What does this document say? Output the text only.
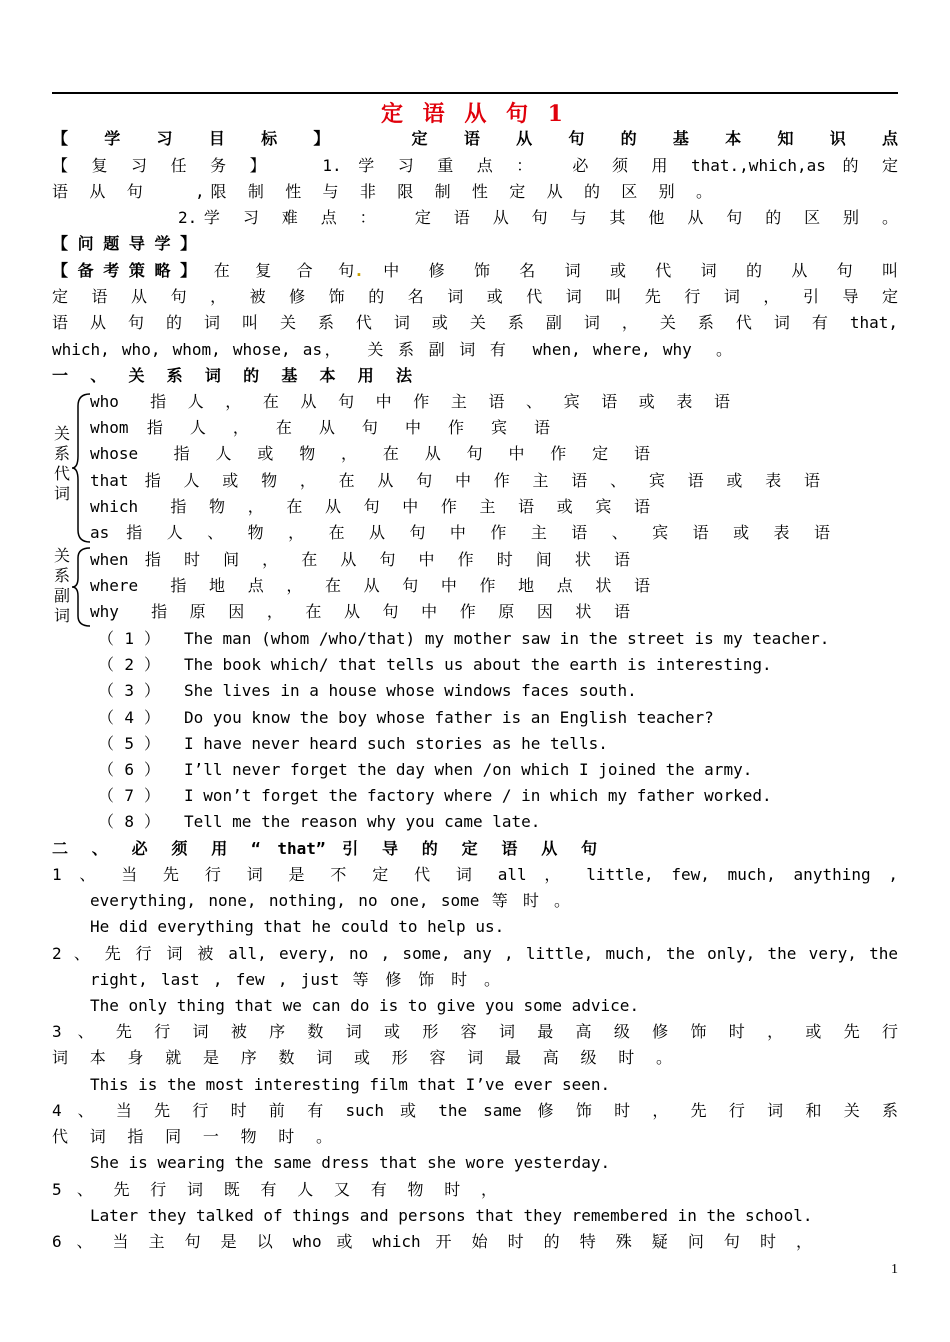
定 语 从 句 1
【 学 习 目 标 】   定 语 从 句 的 基 本 知 识 点
【 复 习 任 务 】   1. 学 习 重 点 ：  必 须 用 that.,which,as 的 定
语 从 句   ,限 制 性 与 非 限 制 性 定 从 的 区 别 。
2.学 习 难 点 ：  定 语 从 句 与 其 他 从 句 的 区 别 。
【 问 题 导 学 】
【 备 考 策 略 】 在 复 合 句 . 中 修 饰 名 词 或 代 词 的 从 句 叫
定 语 从 句 ， 被 修 饰 的 名 词 或 代 词 叫 先 行 词 ， 引 导 定
语 从 句 的 词 叫 关 系 代 词 或 关 系 副 词 ， 关 系 代 词 有 that,
which, who, whom, whose, as，  关 系 副 词 有  when, where, why  。
一 、 关 系 词 的 基 本 用 法
关
系
代
词
关
系
副
词
who  指 人 ， 在 从 句 中 作 主 语 、 宾 语 或 表 语
whom 指 人 ， 在 从 句 中 作 宾 语
whose  指 人 或 物 ， 在 从 句 中 作 定 语
that 指 人 或 物 ， 在 从 句 中 作 主 语 、 宾 语 或 表 语
which  指 物 ， 在 从 句 中 作 主 语 或 宾 语
as 指 人 、 物 ， 在 从 句 中 作 主 语 、 宾 语 或 表 语
when 指 时 间 ， 在 从 句 中 作 时 间 状 语
where  指 地 点 ， 在 从 句 中 作 地 点 状 语
why  指 原 因 ， 在 从 句 中 作 原 因 状 语
（ 1 ） The man (whom /who/that) my mother saw in the street is my teacher.
（ 2 ） The book which/ that tells us about the earth is interesting.
（ 3 ） She lives in a house whose windows faces south.
（ 4 ） Do you know the boy whose father is an English teacher?
（ 5 ） I have never heard such stories as he tells.
（ 6 ） I’ll never forget the day when /on which I joined the army.
（ 7 ） I won’t forget the factory where / in which my father worked.
（ 8 ） Tell me the reason why you came late.
二 、 必 须 用 “ that” 引 导 的 定 语 从 句
1 、 当 先 行 词 是 不 定 代 词 all ， little, few, much, anything ,
everything, none, nothing, no one, some 等 时 。
He did everything that he could to help us.
2 、 先 行 词 被 all, every, no , some, any , little, much, the only, the very, the
right, last , few , just 等 修 饰 时 。
The only thing that we can do is to give you some advice.
3 、 先 行 词 被 序 数 词 或 形 容 词 最 高 级 修 饰 时 ， 或 先 行
词 本 身 就 是 序 数 词 或 形 容 词 最 高 级 时 。
This is the most interesting film that I’ve ever seen.
4 、 当 先 行 时 前 有 such 或 the same 修 饰 时 ， 先 行 词 和 关 系
代 词 指 同 一 物 时 。
She is wearing the same dress that she wore yesterday.
5 、 先 行 词 既 有 人 又 有 物 时 ，
Later they talked of things and persons that they remembered in the school.
6 、 当 主 句 是 以 who 或 which 开 始 时 的 特 殊 疑 问 句 时 ，
1
